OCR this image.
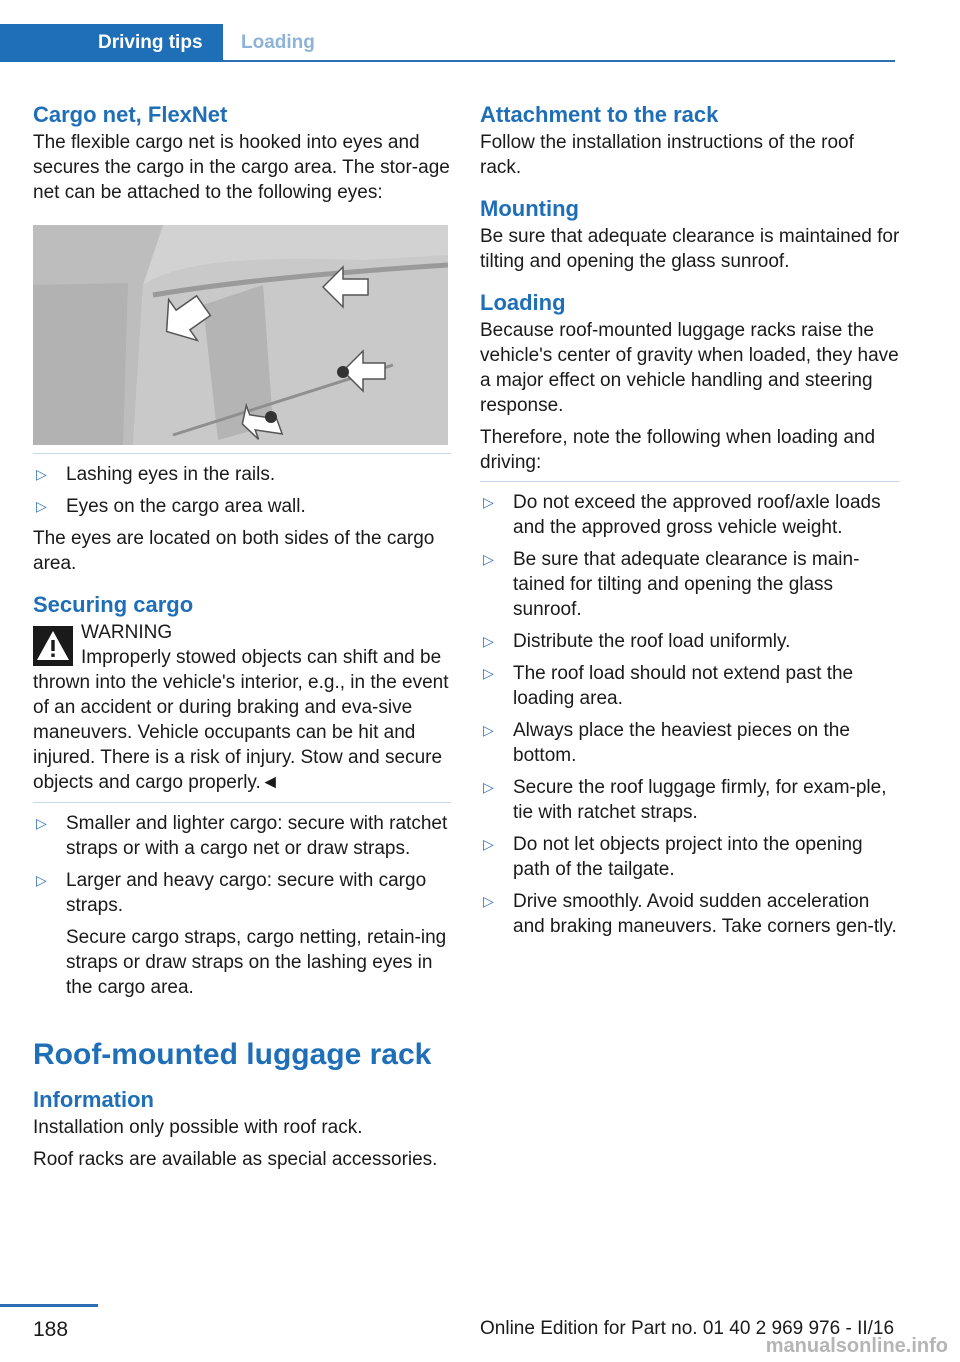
Driving tips	Loading
Cargo net, FlexNet

The flexible cargo net is hooked into eyes and secures the cargo in the cargo area. The stor-age net can be attached to the following eyes:

▷ Lashing eyes in the rails.
▷ Eyes on the cargo area wall.

The eyes are located on both sides of the cargo area.

Securing cargo

WARNING

Improperly stowed objects can shift and be thrown into the vehicle's interior, e.g., in the event of an accident or during braking and eva-sive maneuvers. Vehicle occupants can be hit and injured. There is a risk of injury. Stow and secure objects and cargo properly.◄

▷ Smaller and lighter cargo: secure with ratchet straps or with a cargo net or draw straps.
▷ Larger and heavy cargo: secure with cargo straps.
Secure cargo straps, cargo netting, retain-ing straps or draw straps on the lashing eyes in the cargo area.
Roof-mounted luggage rack
Information

Installation only possible with roof rack.

Roof racks are available as special accessories.

Attachment to the rack

Follow the installation instructions of the roof rack.

Mounting

Be sure that adequate clearance is maintained for tilting and opening the glass sunroof.

Loading

Because roof-mounted luggage racks raise the vehicle's center of gravity when loaded, they have a major effect on vehicle handling and steering response.

Therefore, note the following when loading and driving:

▷ Do not exceed the approved roof/axle loads and the approved gross vehicle weight.
▷ Be sure that adequate clearance is main-tained for tilting and opening the glass sunroof.
▷ Distribute the roof load uniformly.
▷ The roof load should not extend past the loading area.
▷ Always place the heaviest pieces on the bottom.
▷ Secure the roof luggage firmly, for exam-ple, tie with ratchet straps.
▷ Do not let objects project into the opening path of the tailgate.
▷ Drive smoothly. Avoid sudden acceleration and braking maneuvers. Take corners gen-tly.
188	Online Edition for Part no. 01 40 2 969 976 - II/16
manualsonline.info
